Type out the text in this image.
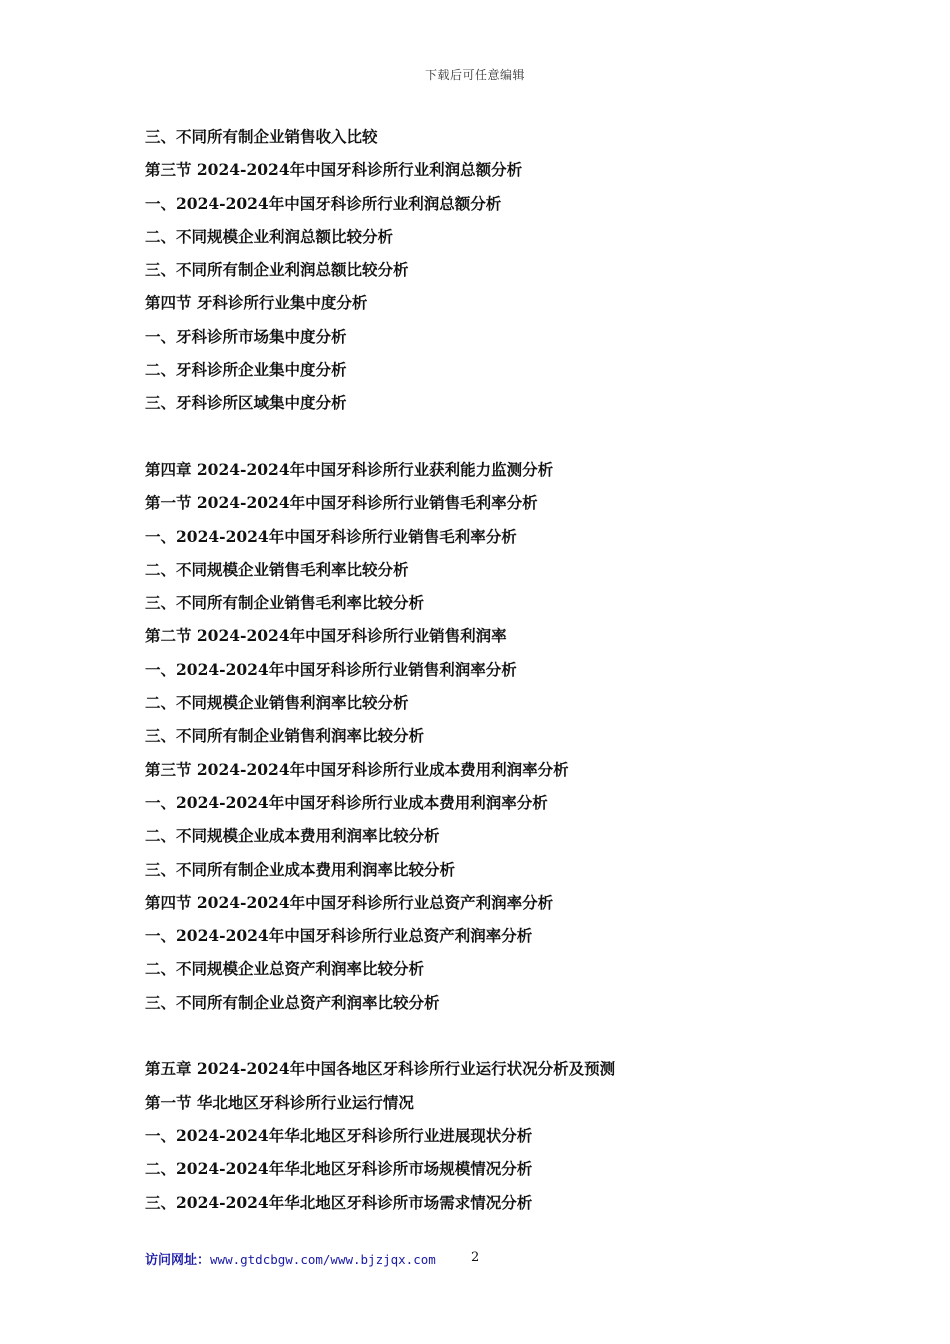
下载后可任意编辑
三、不同所有制企业销售收入比较
第三节 2024-2024年中国牙科诊所行业利润总额分析
一、2024-2024年中国牙科诊所行业利润总额分析
二、不同规模企业利润总额比较分析
三、不同所有制企业利润总额比较分析
第四节 牙科诊所行业集中度分析
一、牙科诊所市场集中度分析
二、牙科诊所企业集中度分析
三、牙科诊所区域集中度分析
第四章 2024-2024年中国牙科诊所行业获利能力监测分析
第一节 2024-2024年中国牙科诊所行业销售毛利率分析
一、2024-2024年中国牙科诊所行业销售毛利率分析
二、不同规模企业销售毛利率比较分析
三、不同所有制企业销售毛利率比较分析
第二节 2024-2024年中国牙科诊所行业销售利润率
一、2024-2024年中国牙科诊所行业销售利润率分析
二、不同规模企业销售利润率比较分析
三、不同所有制企业销售利润率比较分析
第三节 2024-2024年中国牙科诊所行业成本费用利润率分析
一、2024-2024年中国牙科诊所行业成本费用利润率分析
二、不同规模企业成本费用利润率比较分析
三、不同所有制企业成本费用利润率比较分析
第四节 2024-2024年中国牙科诊所行业总资产利润率分析
一、2024-2024年中国牙科诊所行业总资产利润率分析
二、不同规模企业总资产利润率比较分析
三、不同所有制企业总资产利润率比较分析
第五章 2024-2024年中国各地区牙科诊所行业运行状况分析及预测
第一节 华北地区牙科诊所行业运行情况
一、2024-2024年华北地区牙科诊所行业进展现状分析
二、2024-2024年华北地区牙科诊所市场规模情况分析
三、2024-2024年华北地区牙科诊所市场需求情况分析
访问网址：www.gtdcbgw.com/www.bjzjqx.com	2
